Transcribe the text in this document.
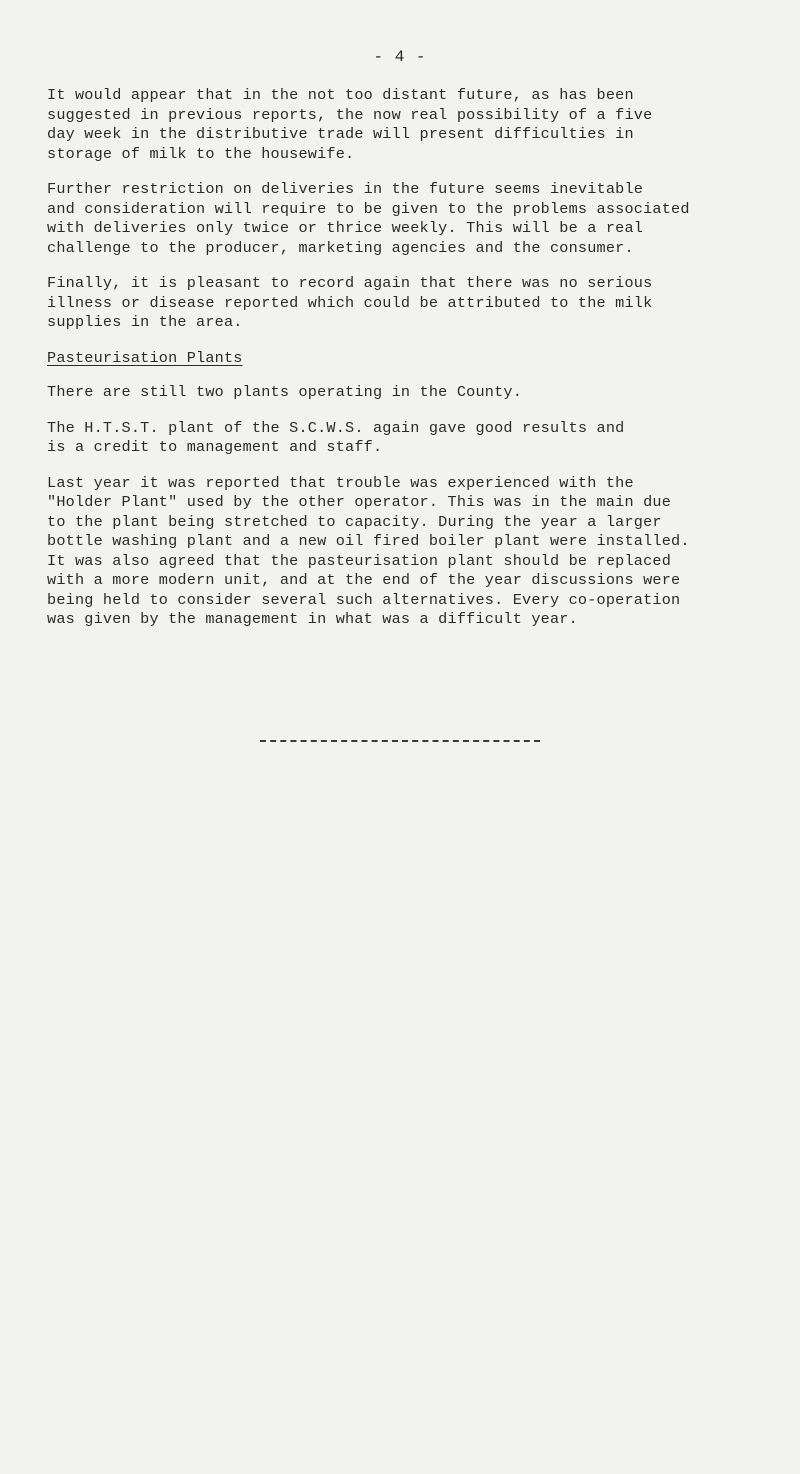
- 4 -

It would appear that in the not too distant future, as has been
suggested in previous reports, the now real possibility of a five
day week in the distributive trade will present difficulties in
storage of milk to the housewife.

Further restriction on deliveries in the future seems inevitable
and consideration will require to be given to the problems associated
with deliveries only twice or thrice weekly. This will be a real
challenge to the producer, marketing agencies and the consumer.

Finally, it is pleasant to record again that there was no serious
illness or disease reported which could be attributed to the milk
supplies in the area.

Pasteurisation Plants

There are still two plants operating in the County.

The H.T.S.T. plant of the S.C.W.S. again gave good results and
is a credit to management and staff.

Last year it was reported that trouble was experienced with the
"Holder Plant" used by the other operator. This was in the main due
to the plant being stretched to capacity. During the year a larger
bottle washing plant and a new oil fired boiler plant were installed.
It was also agreed that the pasteurisation plant should be replaced
with a more modern unit, and at the end of the year discussions were
being held to consider several such alternatives. Every co-operation
was given by the management in what was a difficult year.
